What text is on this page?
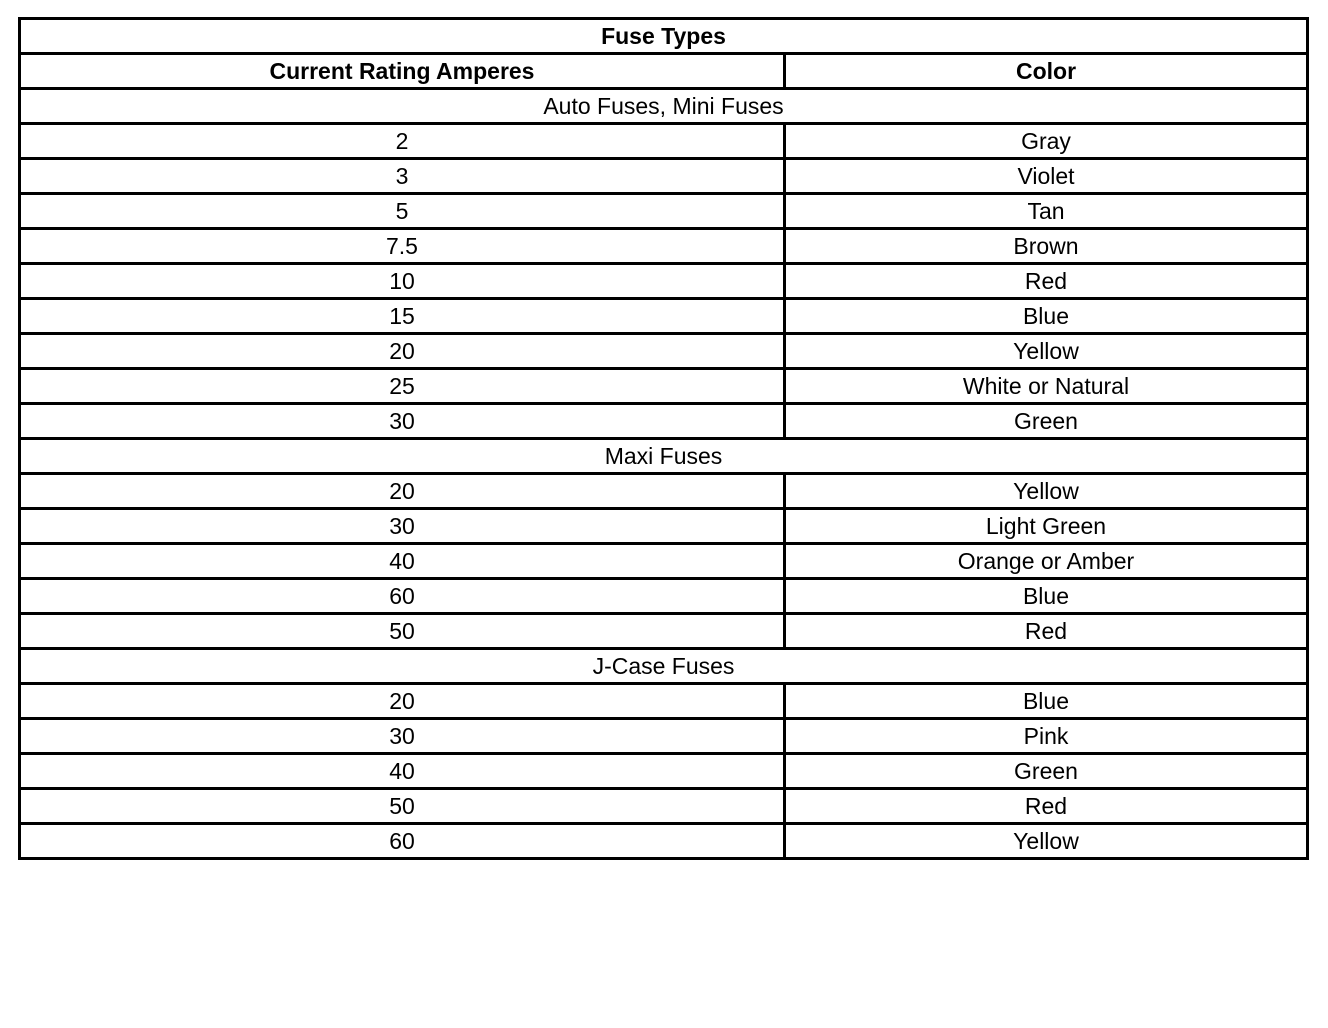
Fuse Types	
Current Rating Amperes	Color
Auto Fuses, Mini Fuses	
2	Gray
3	Violet
5	Tan
7.5	Brown
10	Red
15	Blue
20	Yellow
25	White or Natural
30	Green
Maxi Fuses	
20	Yellow
30	Light Green
40	Orange or Amber
60	Blue
50	Red
J-Case Fuses	
20	Blue
30	Pink
40	Green
50	Red
60	Yellow
